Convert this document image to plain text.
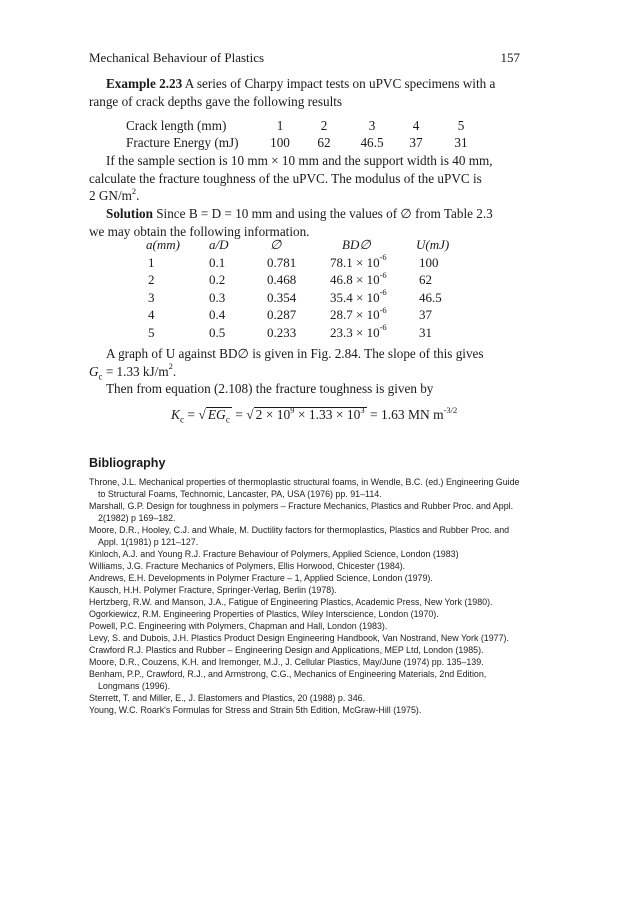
Mechanical Behaviour of Plastics	157
Example 2.23 A series of Charpy impact tests on uPVC specimens with a
range of crack depths gave the following results
Crack length (mm)	1	2	3	4	5
Fracture Energy (mJ)	100	62	46.5	37	31
If the sample section is 10 mm × 10 mm and the support width is 40 mm,
calculate the fracture toughness of the uPVC. The modulus of the uPVC is
2 $GN/m^2$.
Solution Since B = D = 10 mm and using the values of ∅ from Table 2.3
we may obtain the following information.
a(mm) a/D	∅	BD∅	U(mJ)
1	0.1	0.781	$78.1 \times 10^{-6}$ 100
2	0.2	0.468	$46.8 \times 10^{-6}$ 62
3	0.3	0.354	$35.4 \times 10^{-6}$ 46.5
4	0.4	0.287	$28.7 \times 10^{-6}$ 37
5	0.5	0.233	$23.3 \times 10^{-6}$ 31
A graph of U against BD∅ is given in Fig. 2.84. The slope of this gives
$G_c = 1.33$ $kJ/m^2$.
Then from equation (2.108) the fracture toughness is given by
$K_c$ = √ $EG_c$ = √ $2 \times 10^9 \times 1.33 \times 10^3 = 1.63$ MN $m^{-3/2}$
Bibliography
Throne, J.L. Mechanical properties of thermoplastic structural foams, in Wendle, B.C. (ed.) Engineering Guide to Structural Foams, Technomic, Lancaster, PA, USA (1976) pp. 91–114.
Marshall, G.P. Design for toughness in polymers – Fracture Mechanics, Plastics and Rubber Proc. and Appl. 2(1982) p 169–182.
Moore, D.R., Hooley, C.J. and Whale, M. Ductility factors for thermoplastics, Plastics and Rubber Proc. and Appl. 1(1981) p 121–127.
Kinloch, A.J. and Young R.J. Fracture Behaviour of Polymers, Applied Science, London (1983)
Williams, J.G. Fracture Mechanics of Polymers, Ellis Horwood, Chicester (1984).
Andrews, E.H. Developments in Polymer Fracture – 1, Applied Science, London (1979).
Kausch, H.H. Polymer Fracture, Springer-Verlag, Berlin (1978).
Hertzberg, R.W. and Manson, J.A., Fatigue of Engineering Plastics, Academic Press, New York (1980).
Ogorkiewicz, R.M. Engineering Properties of Plastics, Wiley Interscience, London (1970).
Powell, P.C. Engineering with Polymers, Chapman and Hall, London (1983).
Levy, S. and Dubois, J.H. Plastics Product Design Engineering Handbook, Van Nostrand, New York (1977).
Crawford R.J. Plastics and Rubber – Engineering Design and Applications, MEP Ltd, London (1985).
Moore, D.R., Couzens, K.H. and Iremonger, M.J., J. Cellular Plastics, May/June (1974) pp. 135–139.
Benham, P.P., Crawford, R.J., and Armstrong, C.G., Mechanics of Engineering Materials, 2nd Edition, Longmans (1996).
Sterrett, T. and Miller, E., J. Elastomers and Plastics, 20 (1988) p. 346.
Young, W.C. Roark's Formulas for Stress and Strain 5th Edition, McGraw-Hill (1975).
